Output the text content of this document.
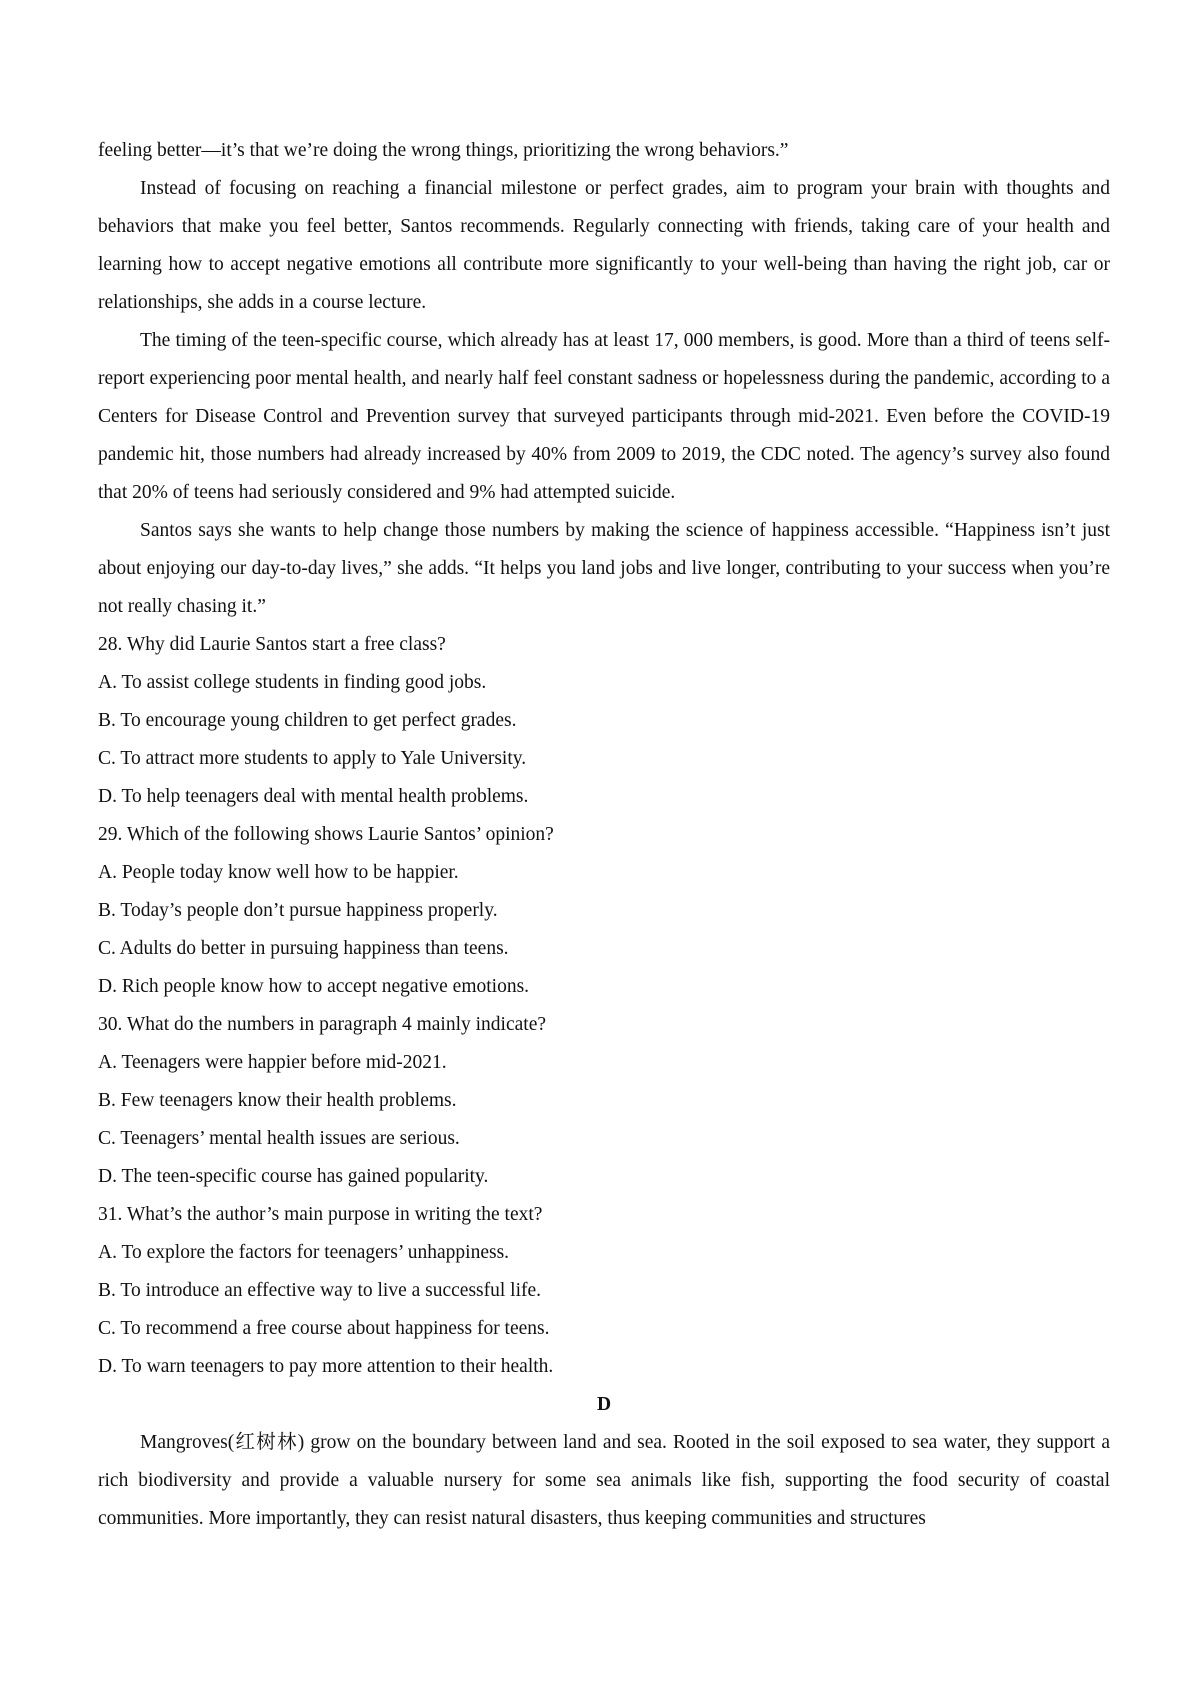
feeling better—it’s that we’re doing the wrong things, prioritizing the wrong behaviors.”

Instead of focusing on reaching a financial milestone or perfect grades, aim to program your brain with thoughts and behaviors that make you feel better, Santos recommends. Regularly connecting with friends, taking care of your health and learning how to accept negative emotions all contribute more significantly to your well-being than having the right job, car or relationships, she adds in a course lecture.

The timing of the teen-specific course, which already has at least 17, 000 members, is good. More than a third of teens self-report experiencing poor mental health, and nearly half feel constant sadness or hopelessness during the pandemic, according to a Centers for Disease Control and Prevention survey that surveyed participants through mid-2021. Even before the COVID-19 pandemic hit, those numbers had already increased by 40% from 2009 to 2019, the CDC noted. The agency’s survey also found that 20% of teens had seriously considered and 9% had attempted suicide.

Santos says she wants to help change those numbers by making the science of happiness accessible. “Happiness isn’t just about enjoying our day-to-day lives,” she adds. “It helps you land jobs and live longer, contributing to your success when you’re not really chasing it.”

28. Why did Laurie Santos start a free class?

A. To assist college students in finding good jobs.

B. To encourage young children to get perfect grades.

C. To attract more students to apply to Yale University.

D. To help teenagers deal with mental health problems.

29. Which of the following shows Laurie Santos’ opinion?

A. People today know well how to be happier.

B. Today’s people don’t pursue happiness properly.

C. Adults do better in pursuing happiness than teens.

D. Rich people know how to accept negative emotions.

30. What do the numbers in paragraph 4 mainly indicate?

A. Teenagers were happier before mid-2021.

B. Few teenagers know their health problems.

C. Teenagers’ mental health issues are serious.

D. The teen-specific course has gained popularity.

31. What’s the author’s main purpose in writing the text?

A. To explore the factors for teenagers’ unhappiness.

B. To introduce an effective way to live a successful life.

C. To recommend a free course about happiness for teens.

D. To warn teenagers to pay more attention to their health.

D

Mangroves(红树林) grow on the boundary between land and sea. Rooted in the soil exposed to sea water, they support a rich biodiversity and provide a valuable nursery for some sea animals like fish, supporting the food security of coastal communities. More importantly, they can resist natural disasters, thus keeping communities and structures
